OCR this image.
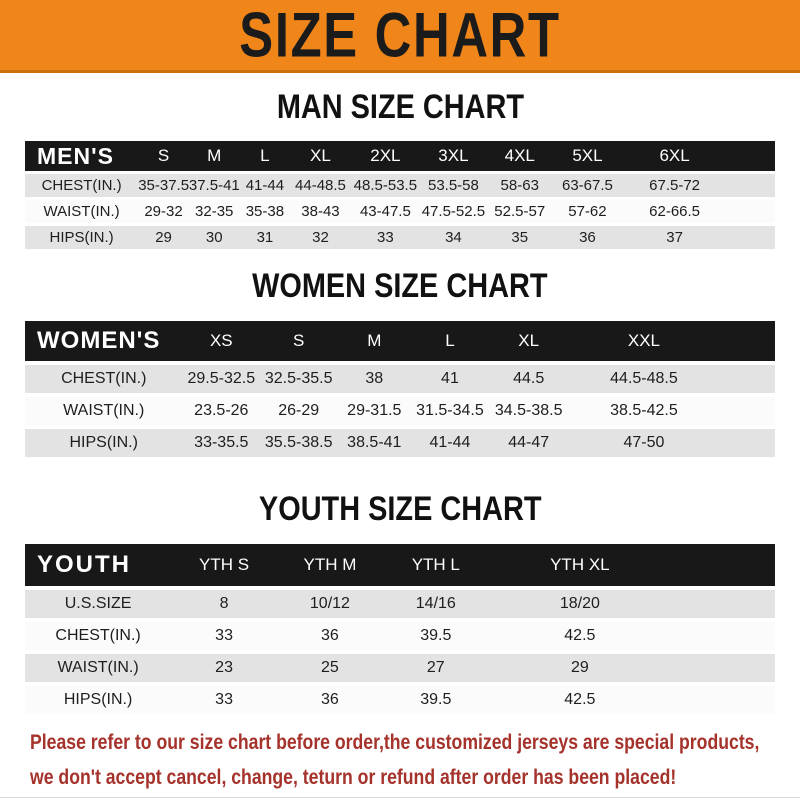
SIZE CHART
MAN SIZE CHART
MEN'S	S	M	L	XL	2XL	3XL	4XL	5XL	6XL
CHEST(IN.)	35-37.5	37.5-41	41-44	44-48.5	48.5-53.5	53.5-58	58-63	63-67.5	67.5-72
WAIST(IN.)	29-32	32-35	35-38	38-43	43-47.5	47.5-52.5	52.5-57	57-62	62-66.5
HIPS(IN.)	29	30	31	32	33	34	35	36	37
WOMEN SIZE CHART
WOMEN'S	XS	S	M	L	XL	XXL
CHEST(IN.)	29.5-32.5	32.5-35.5	38	41	44.5	44.5-48.5
WAIST(IN.)	23.5-26	26-29	29-31.5	31.5-34.5	34.5-38.5	38.5-42.5
HIPS(IN.)	33-35.5	35.5-38.5	38.5-41	41-44	44-47	47-50
YOUTH SIZE CHART
YOUTH	YTH S	YTH M	YTH L	YTH XL
U.S.SIZE	8	10/12	14/16	18/20
CHEST(IN.)	33	36	39.5	42.5
WAIST(IN.)	23	25	27	29
HIPS(IN.)	33	36	39.5	42.5

Please refer to our size chart before order,the customized jerseys are special products,

we don't accept cancel, change, teturn or refund after order has been placed!
